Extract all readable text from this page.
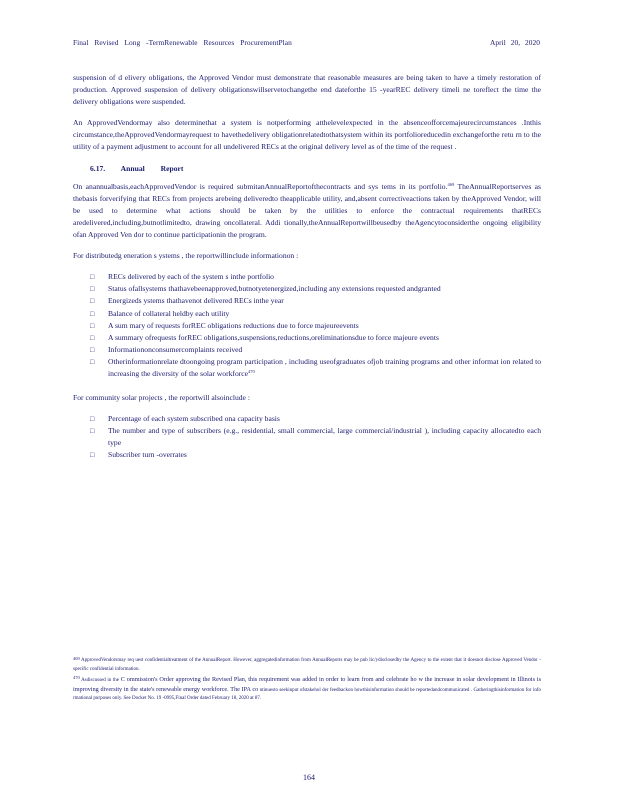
Final Revised Long -TermRenewable Resources ProcurementPlan	April 20, 2020

suspension of d elivery obligations, the Approved Vendor must demonstrate that reasonable measures are being taken to have a timely restoration of production. Approved suspension of delivery obligationswillservetochangethe end dateforthe 15 -yearREC delivery timeli ne toreflect the time the delivery obligations were suspended.

An ApprovedVendormay also determinethat a system is notperforming atthelevelexpected in the absenceofforcemajeurecircumstances .Inthis circumstance,theApprovedVendormayrequest to havethedelivery obligationrelatedtothatsystem within its portfolioreducedin exchangeforthe retu rn to the utility of a payment adjustment to account for all undelivered RECs at the original delivery level as of the time of the request .

6.17. Annual Report

On anannualbasis,eachApprovedVendor is required submitanAnnualReportofthecontracts and sys tems in its portfolio.$^{469}$ TheAnnualReportserves as thebasis forverifying that RECs from projects arebeing deliveredto theapplicable utility, and,absent correctiveactions taken by theApproved Vendor, will be used to determine what actions should be taken by the utilities to enforce the contractual requirements thatRECs aredelivered,including,butnotlimitedto, drawing oncollateral. Addi tionally,theAnnualReportwillbeusedby theAgencytoconsiderthe ongoing eligibility ofan Approved Ven dor to continue participationin the program.

For distributedg eneration s ystems , the reportwillinclude informationon :

□ RECs delivered by each of the system s inthe portfolio
□ Status ofallsystems thathavebeenapproved,butnotyetenergized,including any extensions requested andgranted
□ Energizeds ystems thathavenot delivered RECs inthe year
□ Balance of collateral heldby each utility
□ A sum mary of requests forREC obligations reductions due to force majeureevents
□ A summary ofrequests forREC obligations,suspensions,reductions,oreliminationsdue to force majeure events
□ Informationonconsumercomplaints received
□ Otherinformationrelate dtoongoing program participation , including useofgraduates ofjob training programs and other informat ion related to increasing the diversity of the solar workforce$^{470}$

For community solar projects , the reportwill alsoinclude :

□ Percentage of each system subscribed ona capacity basis
□ The number and type of subscribers (e.g., residential, small commercial, large commercial/industrial ), including capacity allocatedto each type
□ Subscriber turn -overrates

$^{469}$ ApprovedVendorsmay req uest confidentialtreatment of the AnnualReport. However, aggregatedinformation from AnnualReports may be pub lic/ydisclosedby the Agency to the extent that it doesnot disclose Approved Vendor -specific confidential information.

$^{470}$ Asdiscussed in the C ommission's Order approving the Revised Plan, this requirement was added in order to learn from and celebrate ho w the increase in solar development in Illinois is improving diversity in the state's renewable energy workforce. The IPA co ntinuesto seekinput ofstakehol der feedbackon howthisinformation should be reportedandcommunicated . Gatheringthisinformation for info rmational purposes only. See Docket No. 19 -0995,Final Order dated February 18, 2020 at 87.

164
